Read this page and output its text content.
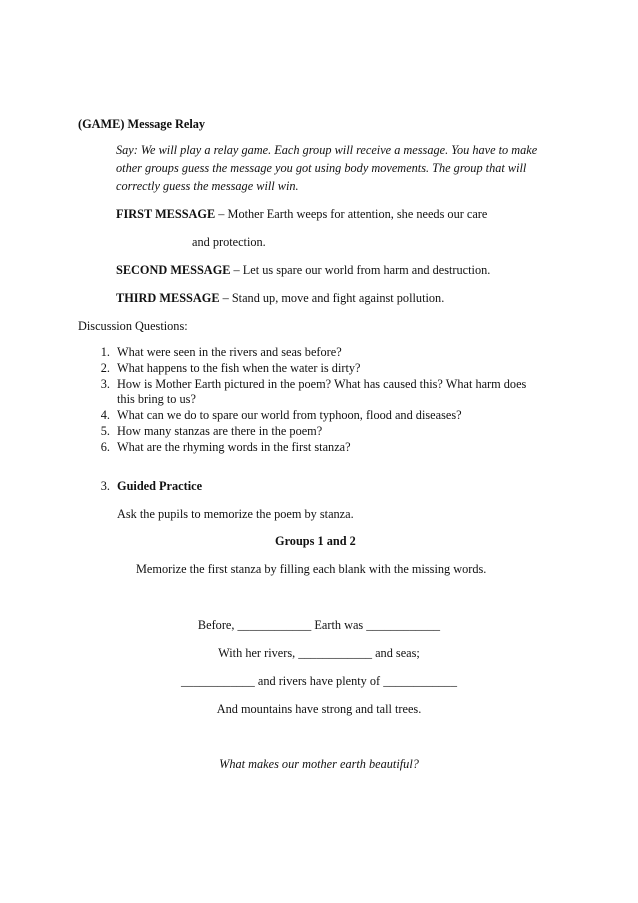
(GAME) Message Relay
Say: We will play a relay game. Each group will receive a message. You have to make
other groups guess the message you got using body movements. The group that will
correctly guess the message will win.
FIRST MESSAGE – Mother Earth weeps for attention, she needs our care
and protection.
SECOND MESSAGE – Let us spare our world from harm and destruction.
THIRD MESSAGE – Stand up, move and fight against pollution.
Discussion Questions:
1. What were seen in the rivers and seas before?
2. What happens to the fish when the water is dirty?
3. How is Mother Earth pictured in the poem? What has caused this? What harm does
this bring to us?
4. What can we do to spare our world from typhoon, flood and diseases?
5. How many stanzas are there in the poem?
6. What are the rhyming words in the first stanza?
3. Guided Practice
Ask the pupils to memorize the poem by stanza.
Groups 1 and 2
Memorize the first stanza by filling each blank with the missing words.
Before, ____________ Earth was ____________
With her rivers, ____________ and seas;
____________ and rivers have plenty of ____________
And mountains have strong and tall trees.
What makes our mother earth beautiful?
